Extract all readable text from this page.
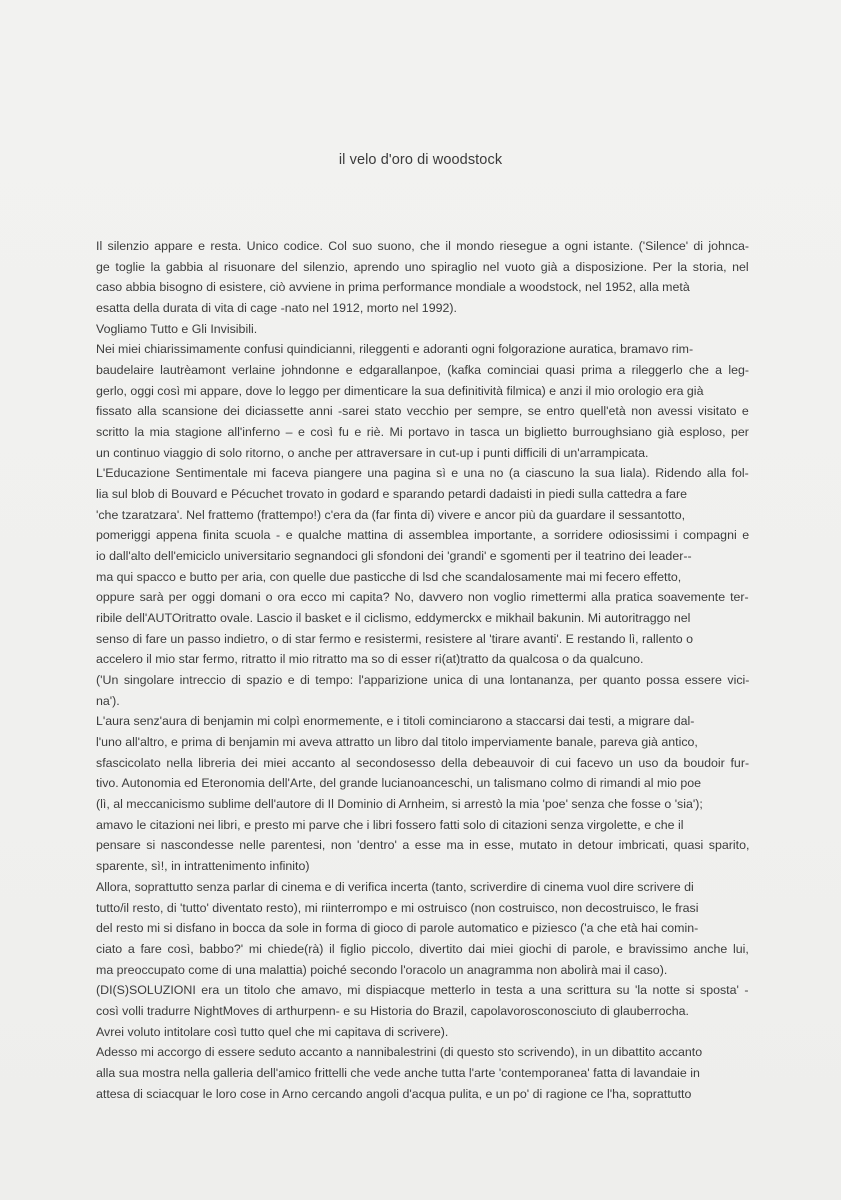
il velo d'oro di woodstock
Il silenzio appare e resta. Unico codice. Col suo suono, che il mondo riesegue a ogni istante. ('Silence' di johnca-
ge toglie la gabbia al risuonare del silenzio, aprendo uno spiraglio nel vuoto già a disposizione. Per la storia, nel
caso abbia bisogno di esistere, ciò avviene in prima performance mondiale a woodstock, nel 1952, alla metà
esatta della durata di vita di cage -nato nel 1912, morto nel 1992).
Vogliamo Tutto e Gli Invisibili.
Nei miei chiarissimamente confusi quindicianni, rileggenti e adoranti ogni folgorazione auratica, bramavo rim-
baudelaire lautrèamont verlaine johndonne e edgarallanpoe, (kafka cominciai quasi prima a rileggerlo che a leg-
gerlo, oggi così mi appare, dove lo leggo per dimenticare la sua definitività filmica) e anzi il mio orologio era già
fissato alla scansione dei diciassette anni -sarei stato vecchio per sempre, se entro quell'età non avessi visitato e
scritto la mia stagione all'inferno – e così fu e riè. Mi portavo in tasca un biglietto burroughsiano già esploso, per
un continuo viaggio di solo ritorno, o anche per attraversare in cut-up i punti difficili di un'arrampicata.
L'Educazione Sentimentale mi faceva piangere una pagina sì e una no (a ciascuno la sua liala). Ridendo alla fol-
lia sul blob di Bouvard e Pécuchet trovato in godard e sparando petardi dadaisti in piedi sulla cattedra a fare
'che tzaratzara'. Nel frattemo (frattempo!) c'era da (far finta di) vivere e ancor più da guardare il sessantotto,
pomeriggi appena finita scuola - e qualche mattina di assemblea importante, a sorridere odiosissimi i compagni e
io dall'alto dell'emiciclo universitario segnandoci gli sfondoni dei 'grandi' e sgomenti per il teatrino dei leader--
ma qui spacco e butto per aria, con quelle due pasticche di lsd che scandalosamente mai mi fecero effetto,
oppure sarà per oggi domani o ora ecco mi capita? No, davvero non voglio rimettermi alla pratica soavemente ter-
ribile dell'AUTOritratto ovale. Lascio il basket e il ciclismo, eddymerckx e mikhail bakunin. Mi autoritraggo nel
senso di fare un passo indietro, o di star fermo e resistermi, resistere al 'tirare avanti'. E restando lì, rallento o
accelero il mio star fermo, ritratto il mio ritratto ma so di esser ri(at)tratto da qualcosa o da qualcuno.
('Un singolare intreccio di spazio e di tempo: l'apparizione unica di una lontananza, per quanto possa essere vici-
na').
L'aura senz'aura di benjamin mi colpì enormemente, e i titoli cominciarono a staccarsi dai testi, a migrare dal-
l'uno all'altro, e prima di benjamin mi aveva attratto un libro dal titolo imperviamente banale, pareva già antico,
sfascicolato nella libreria dei miei accanto al secondosesso della debeauvoir di cui facevo un uso da boudoir fur-
tivo. Autonomia ed Eteronomia dell'Arte, del grande lucianoanceschi, un talismano colmo di rimandi al mio poe
(lì, al meccanicismo sublime dell'autore di Il Dominio di Arnheim, si arrestò la mia 'poe' senza che fosse o 'sia');
amavo le citazioni nei libri, e presto mi parve che i libri fossero fatti solo di citazioni senza virgolette, e che il
pensare si nascondesse nelle parentesi, non 'dentro' a esse ma in esse, mutato in detour imbricati, quasi sparito,
sparente, sì!, in intrattenimento infinito)
Allora, soprattutto senza parlar di cinema e di verifica incerta (tanto, scriverdire di cinema vuol dire scrivere di
tutto/il resto, di 'tutto' diventato resto), mi riinterrompo e mi ostruisco (non costruisco, non decostruisco, le frasi
del resto mi si disfano in bocca da sole in forma di gioco di parole automatico e piziesco ('a che età hai comin-
ciato a fare così, babbo?' mi chiede(rà) il figlio piccolo, divertito dai miei giochi di parole, e bravissimo anche lui,
ma preoccupato come di una malattia) poiché secondo l'oracolo un anagramma non abolirà mai il caso).
(DI(S)SOLUZIONI era un titolo che amavo, mi dispiacque metterlo in testa a una scrittura su 'la notte si sposta' -
così volli tradurre NightMoves di arthurpenn- e su Historia do Brazil, capolavorosconosciuto di glauberrocha.
Avrei voluto intitolare così tutto quel che mi capitava di scrivere).
Adesso mi accorgo di essere seduto accanto a nannibalestrini (di questo sto scrivendo), in un dibattito accanto
alla sua mostra nella galleria dell'amico frittelli che vede anche tutta l'arte 'contemporanea' fatta di lavandaie in
attesa di sciacquar le loro cose in Arno cercando angoli d'acqua pulita, e un po' di ragione ce l'ha, soprattutto
